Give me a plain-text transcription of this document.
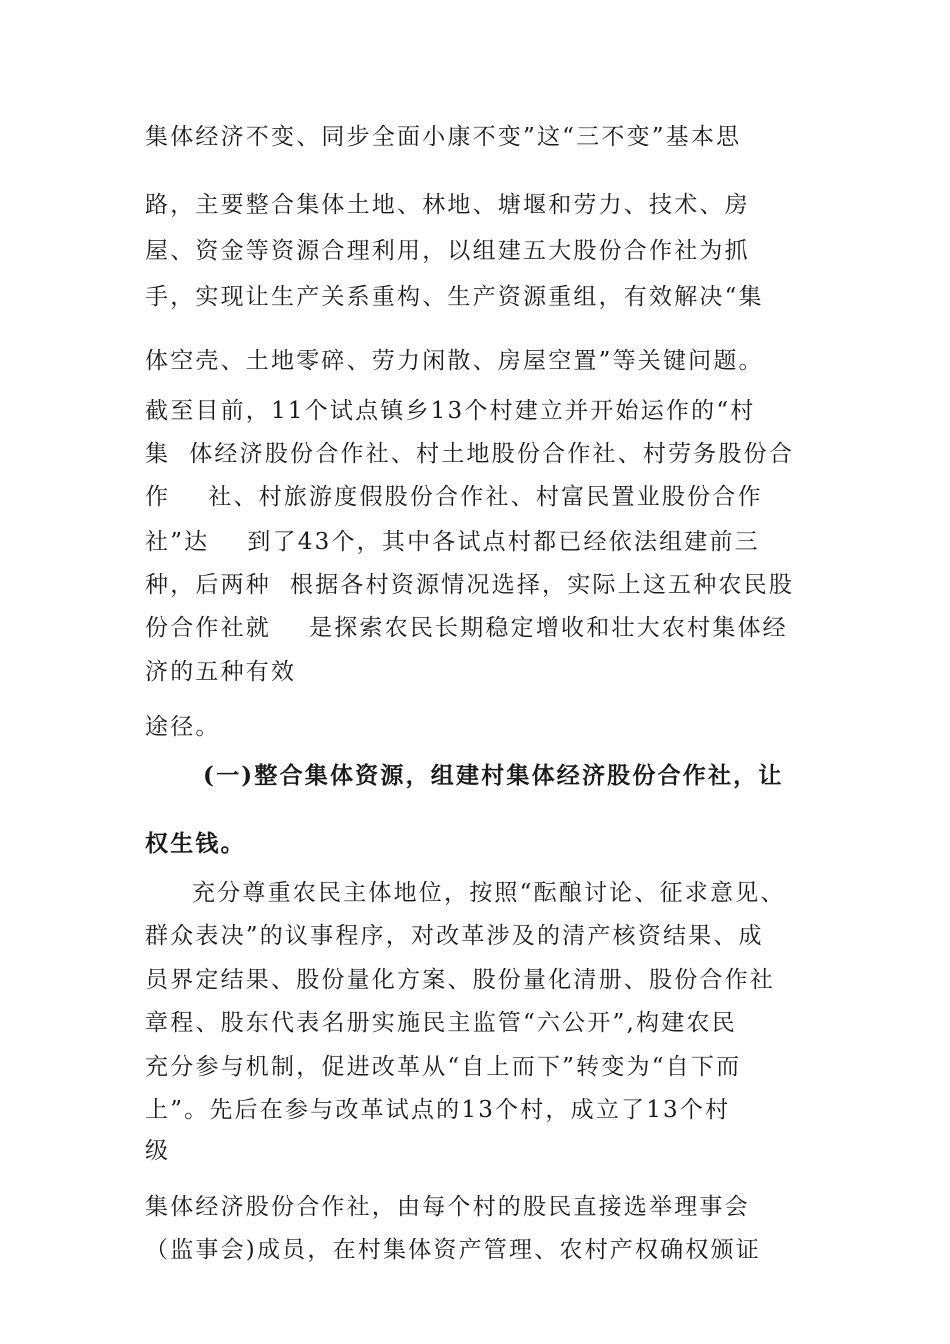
集体经济不变、同步全面小康不变”这“三不变”基本思
路，主要整合集体土地、林地、塘堰和劳力、技术、房
屋、资金等资源合理利用，以组建五大股份合作社为抓
手，实现让生产关系重构、生产资源重组，有效解决“集
体空壳、土地零碎、劳力闲散、房屋空置”等关键问题。
截至目前，11个试点镇乡13个村建立并开始运作的“村
集  体经济股份合作社、村土地股份合作社、村劳务股份合
作    社、村旅游度假股份合作社、村富民置业股份合作
社”达    到了43个，其中各试点村都已经依法组建前三
种，后两种  根据各村资源情况选择，实际上这五种农民股
份合作社就    是探索农民长期稳定增收和壮大农村集体经
济的五种有效
途径。
(一)整合集体资源，组建村集体经济股份合作社，让
权生钱。
充分尊重农民主体地位，按照“酝酿讨论、征求意见、
群众表决”的议事程序，对改革涉及的清产核资结果、成
员界定结果、股份量化方案、股份量化清册、股份合作社
章程、股东代表名册实施民主监管“六公开”,构建农民
充分参与机制，促进改革从“自上而下”转变为“自下而
上”。先后在参与改革试点的13个村，成立了13个村
级
集体经济股份合作社，由每个村的股民直接选举理事会
（监事会)成员，在村集体资产管理、农村产权确权颁证
